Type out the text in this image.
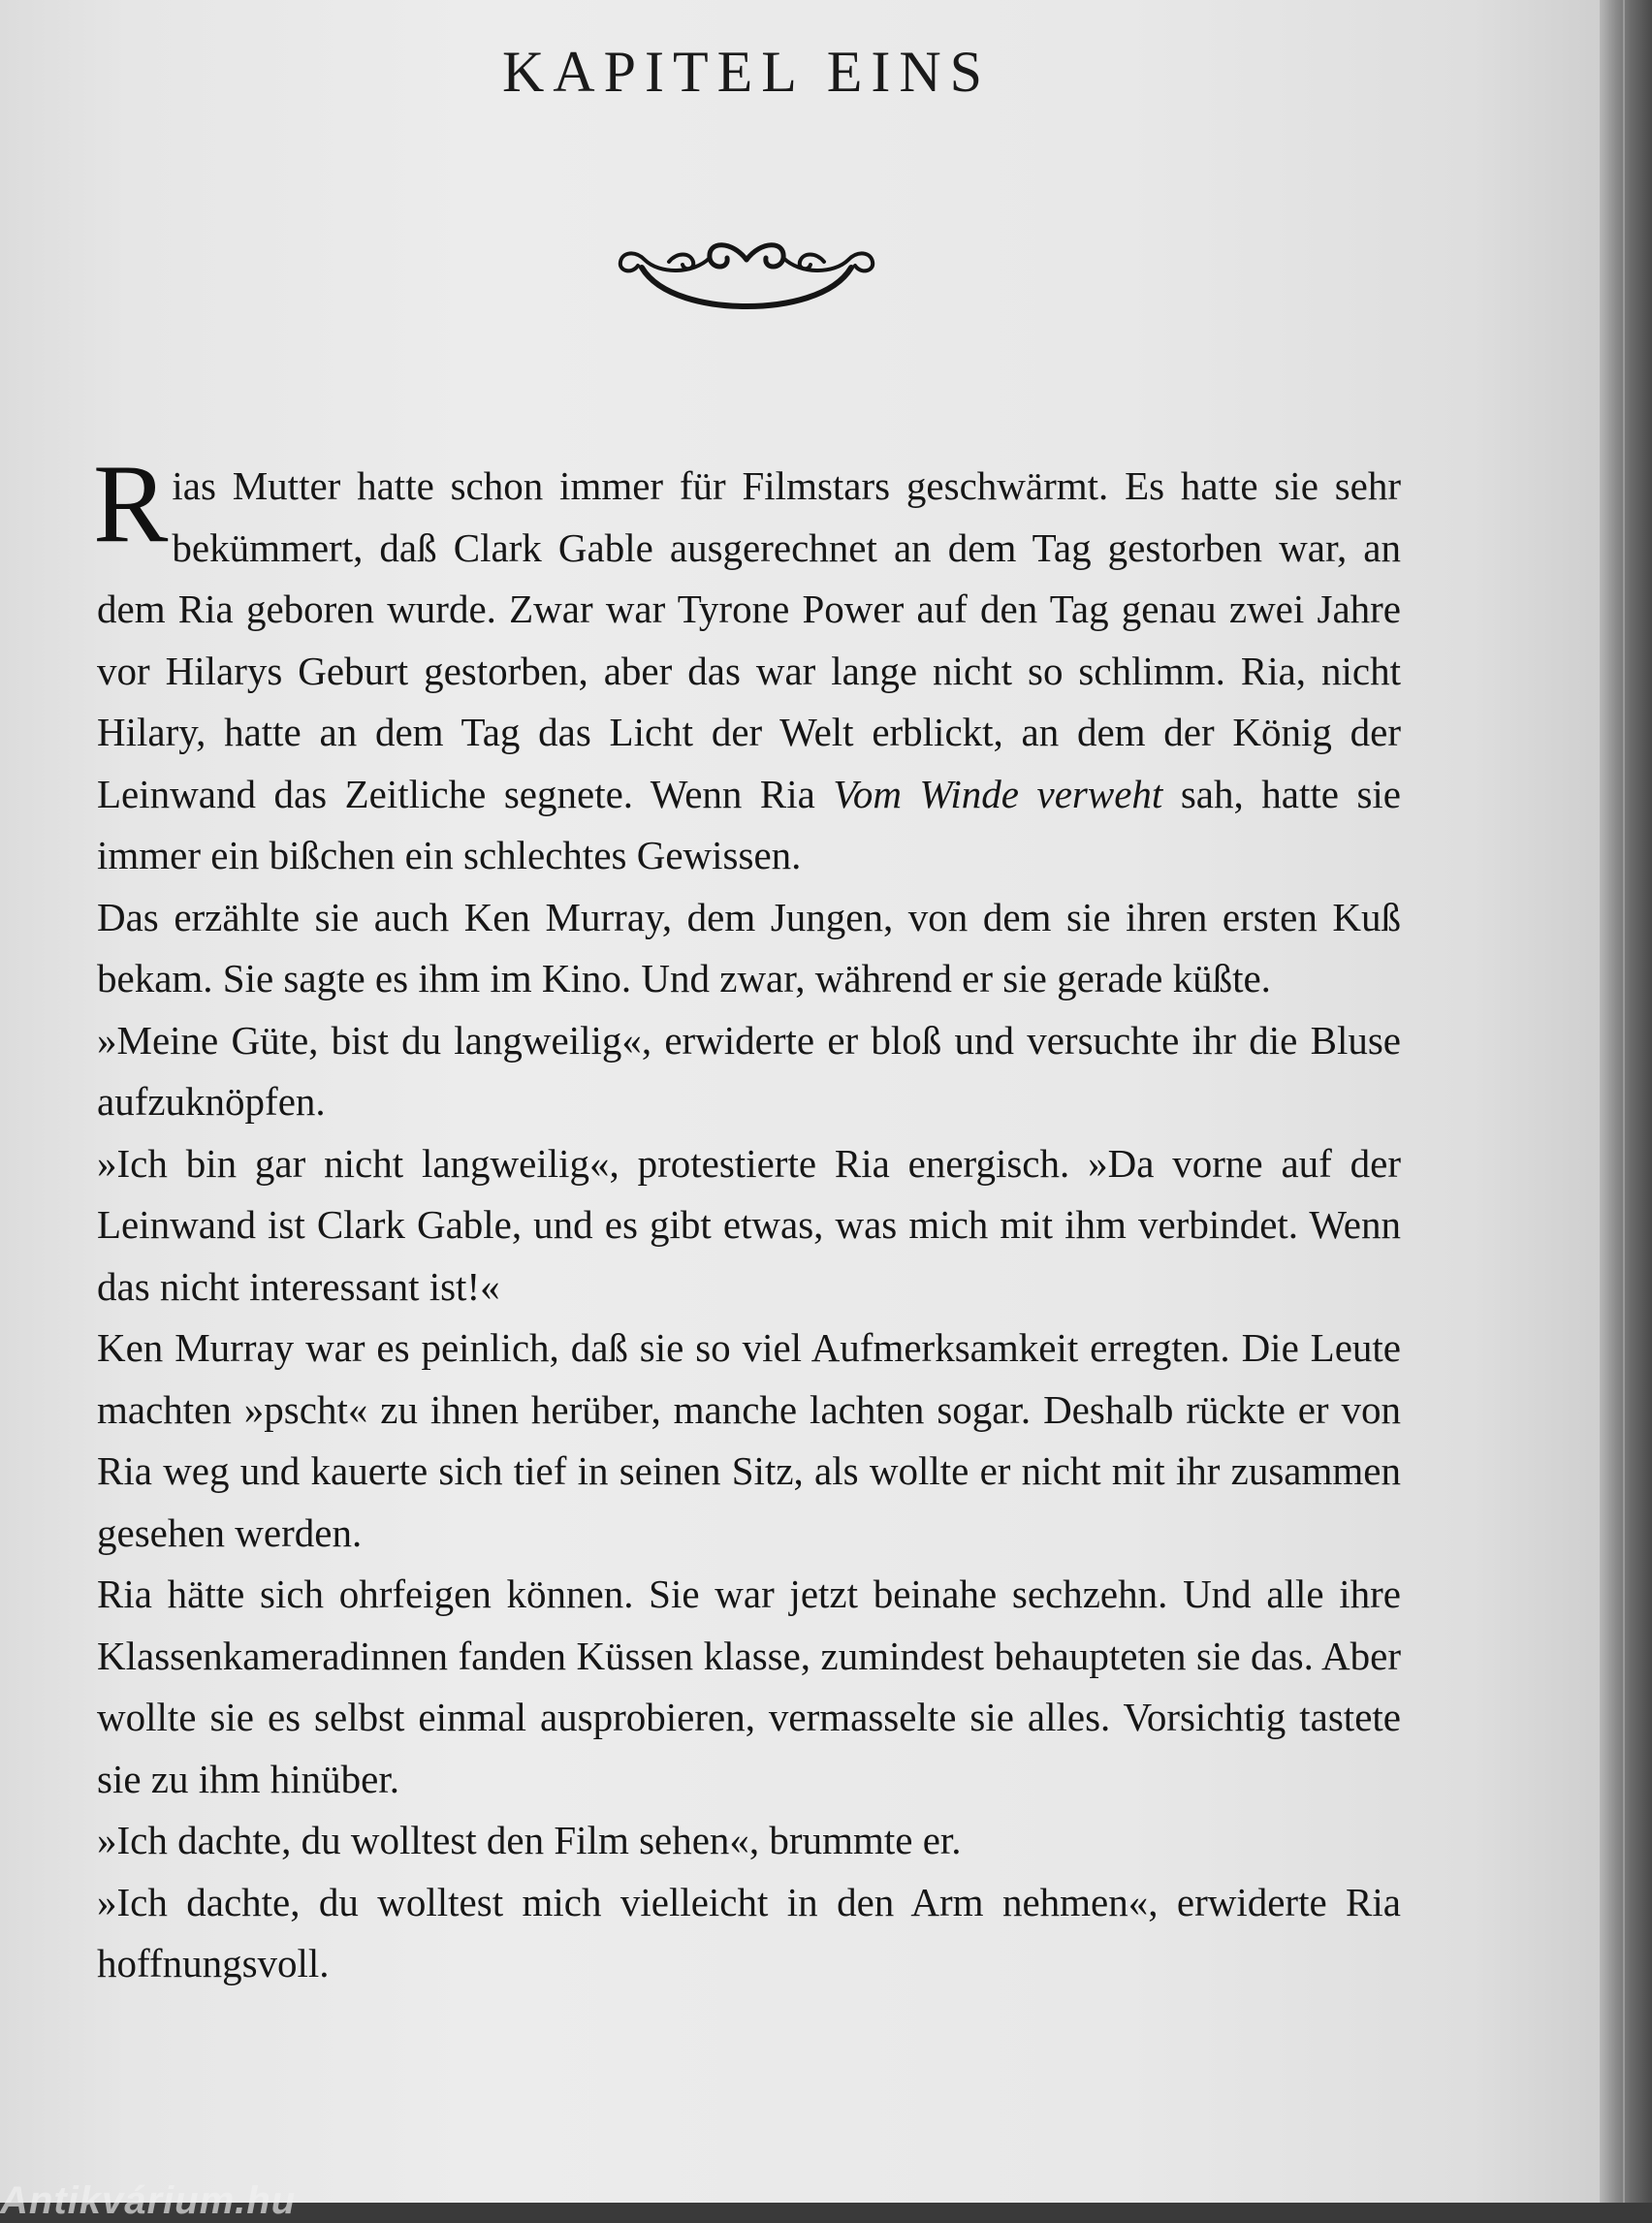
KAPITEL EINS

Rias Mutter hatte schon immer für Filmstars geschwärmt. Es hatte sie sehr bekümmert, daß Clark Gable ausgerechnet an dem Tag gestorben war, an dem Ria geboren wurde. Zwar war Tyrone Power auf den Tag genau zwei Jahre vor Hilarys Geburt gestorben, aber das war lange nicht so schlimm. Ria, nicht Hilary, hatte an dem Tag das Licht der Welt erblickt, an dem der König der Leinwand das Zeitliche segnete. Wenn Ria Vom Winde verweht sah, hatte sie immer ein bißchen ein schlechtes Gewissen.

Das erzählte sie auch Ken Murray, dem Jungen, von dem sie ihren ersten Kuß bekam. Sie sagte es ihm im Kino. Und zwar, während er sie gerade küßte.

»Meine Güte, bist du langweilig«, erwiderte er bloß und versuchte ihr die Bluse aufzuknöpfen.

»Ich bin gar nicht langweilig«, protestierte Ria energisch. »Da vorne auf der Leinwand ist Clark Gable, und es gibt etwas, was mich mit ihm verbindet. Wenn das nicht interessant ist!«

Ken Murray war es peinlich, daß sie so viel Aufmerksamkeit erregten. Die Leute machten »pscht« zu ihnen herüber, manche lachten sogar. Deshalb rückte er von Ria weg und kauerte sich tief in seinen Sitz, als wollte er nicht mit ihr zusammen gesehen werden.

Ria hätte sich ohrfeigen können. Sie war jetzt beinahe sechzehn. Und alle ihre Klassenkameradinnen fanden Küssen klasse, zumindest behaupteten sie das. Aber wollte sie es selbst einmal ausprobieren, vermasselte sie alles. Vorsichtig tastete sie zu ihm hinüber.

»Ich dachte, du wolltest den Film sehen«, brummte er.

»Ich dachte, du wolltest mich vielleicht in den Arm nehmen«, erwiderte Ria hoffnungsvoll.

Antikvárium.hu
